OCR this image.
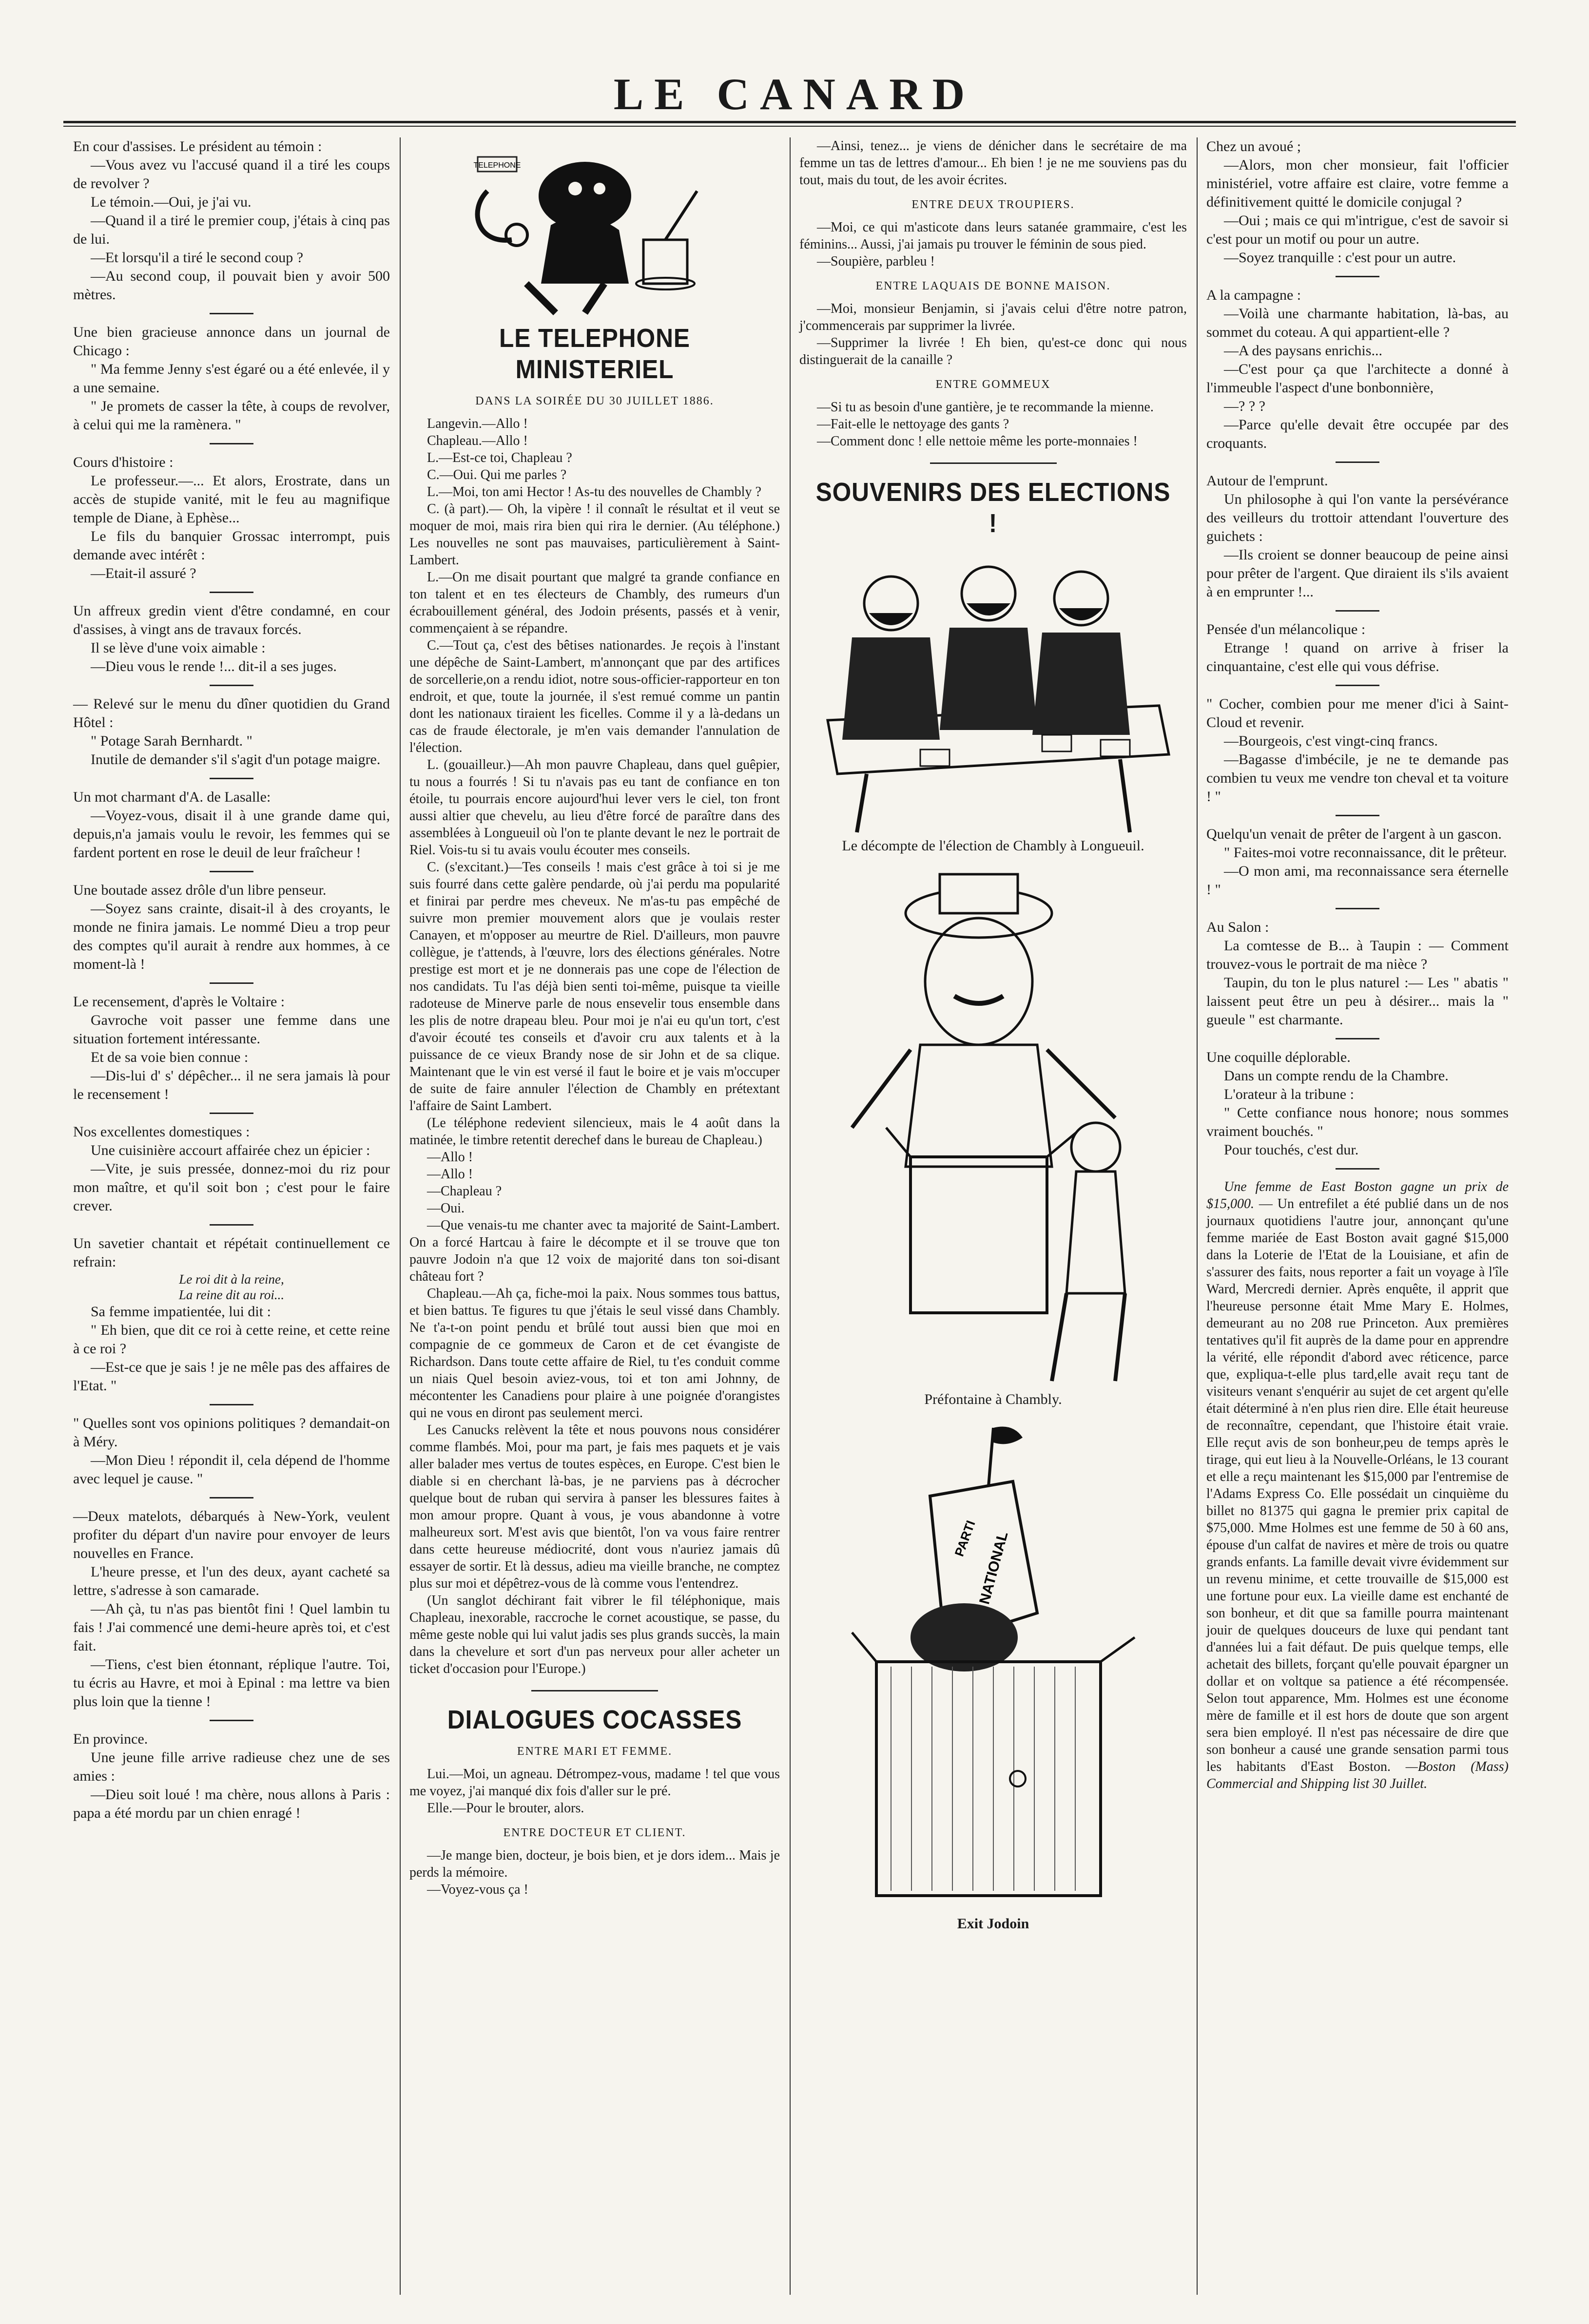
LE CANARD

En cour d'assises. Le président au témoin :

—Vous avez vu l'accusé quand il a tiré les coups de revolver ?

Le témoin.—Oui, je j'ai vu.

—Quand il a tiré le premier coup, j'étais à cinq pas de lui.

—Et lorsqu'il a tiré le second coup ?

—Au second coup, il pouvait bien y avoir 500 mètres.

Une bien gracieuse annonce dans un journal de Chicago :

" Ma femme Jenny s'est égaré ou a été enlevée, il y a une semaine.

" Je promets de casser la tête, à coups de revolver, à celui qui me la ramènera. "

Cours d'histoire :

Le professeur.—... Et alors, Erostrate, dans un accès de stupide vanité, mit le feu au magnifique temple de Diane, à Ephèse...

Le fils du banquier Grossac interrompt, puis demande avec intérêt :

—Etait-il assuré ?

Un affreux gredin vient d'être condamné, en cour d'assises, à vingt ans de travaux forcés.

Il se lève d'une voix aimable :

—Dieu vous le rende !... dit-il a ses juges.

— Relevé sur le menu du dîner quotidien du Grand Hôtel :

" Potage Sarah Bernhardt. "

Inutile de demander s'il s'agit d'un potage maigre.

Un mot charmant d'A. de Lasalle:

—Voyez-vous, disait il à une grande dame qui, depuis,n'a jamais voulu le revoir, les femmes qui se fardent portent en rose le deuil de leur fraîcheur !

Une boutade assez drôle d'un libre penseur.

—Soyez sans crainte, disait-il à des croyants, le monde ne finira jamais. Le nommé Dieu a trop peur des comptes qu'il aurait à rendre aux hommes, à ce moment-là !

Le recensement, d'après le Voltaire :

Gavroche voit passer une femme dans une situation fortement intéressante.

Et de sa voie bien connue :

—Dis-lui d' s' dépêcher... il ne sera jamais là pour le recensement !

Nos excellentes domestiques :

Une cuisinière accourt affairée chez un épicier :

—Vite, je suis pressée, donnez-moi du riz pour mon maître, et qu'il soit bon ; c'est pour le faire crever.

Un savetier chantait et répétait continuellement ce refrain:

Le roi dit à la reine,

La reine dit au roi...

Sa femme impatientée, lui dit :

" Eh bien, que dit ce roi à cette reine, et cette reine à ce roi ?

—Est-ce que je sais ! je ne mêle pas des affaires de l'Etat. "

" Quelles sont vos opinions politiques ? demandait-on à Méry.

—Mon Dieu ! répondit il, cela dépend de l'homme avec lequel je cause. "

—Deux matelots, débarqués à New-York, veulent profiter du départ d'un navire pour envoyer de leurs nouvelles en France.

L'heure presse, et l'un des deux, ayant cacheté sa lettre, s'adresse à son camarade.

—Ah çà, tu n'as pas bientôt fini ! Quel lambin tu fais ! J'ai commencé une demi-heure après toi, et c'est fait.

—Tiens, c'est bien étonnant, réplique l'autre. Toi, tu écris au Havre, et moi à Epinal : ma lettre va bien plus loin que la tienne !

En province.

Une jeune fille arrive radieuse chez une de ses amies :

—Dieu soit loué ! ma chère, nous allons à Paris : papa a été mordu par un chien enragé !

TELEPHONE
LE TELEPHONE MINISTERIEL
DANS LA SOIRÉE DU 30 JUILLET 1886.

Langevin.—Allo !

Chapleau.—Allo !

L.—Est-ce toi, Chapleau ?

C.—Oui. Qui me parles ?

L.—Moi, ton ami Hector ! As-tu des nouvelles de Chambly ?

C. (à part).— Oh, la vipère ! il connaît le résultat et il veut se moquer de moi, mais rira bien qui rira le dernier. (Au téléphone.) Les nouvelles ne sont pas mauvaises, particulièrement à Saint-Lambert.

L.—On me disait pourtant que malgré ta grande confiance en ton talent et en tes électeurs de Chambly, des rumeurs d'un écrabouillement général, des Jodoin présents, passés et à venir, commençaient à se répandre.

C.—Tout ça, c'est des bêtises nationardes. Je reçois à l'instant une dépêche de Saint-Lambert, m'annonçant que par des artifices de sorcellerie,on a rendu idiot, notre sous-officier-rapporteur en ton endroit, et que, toute la journée, il s'est remué comme un pantin dont les nationaux tiraient les ficelles. Comme il y a là-dedans un cas de fraude électorale, je m'en vais demander l'annulation de l'élection.

L. (gouailleur.)—Ah mon pauvre Chapleau, dans quel guêpier, tu nous a fourrés ! Si tu n'avais pas eu tant de confiance en ton étoile, tu pourrais encore aujourd'hui lever vers le ciel, ton front aussi altier que chevelu, au lieu d'être forcé de paraître dans des assemblées à Longueuil où l'on te plante devant le nez le portrait de Riel. Vois-tu si tu avais voulu écouter mes conseils.

C. (s'excitant.)—Tes conseils ! mais c'est grâce à toi si je me suis fourré dans cette galère pendarde, où j'ai perdu ma popularité et finirai par perdre mes cheveux. Ne m'as-tu pas empêché de suivre mon premier mouvement alors que je voulais rester Canayen, et m'opposer au meurtre de Riel. D'ailleurs, mon pauvre collègue, je t'attends, à l'œuvre, lors des élections générales. Notre prestige est mort et je ne donnerais pas une cope de l'élection de nos candidats. Tu l'as déjà bien senti toi-même, puisque ta vieille radoteuse de Minerve parle de nous ensevelir tous ensemble dans les plis de notre drapeau bleu. Pour moi je n'ai eu qu'un tort, c'est d'avoir écouté tes conseils et d'avoir cru aux talents et à la puissance de ce vieux Brandy nose de sir John et de sa clique. Maintenant que le vin est versé il faut le boire et je vais m'occuper de suite de faire annuler l'élection de Chambly en prétextant l'affaire de Saint Lambert.

(Le téléphone redevient silencieux, mais le 4 août dans la matinée, le timbre retentit derechef dans le bureau de Chapleau.)

—Allo !

—Allo !

—Chapleau ?

—Oui.

—Que venais-tu me chanter avec ta majorité de Saint-Lambert. On a forcé Hartcau à faire le décompte et il se trouve que ton pauvre Jodoin n'a que 12 voix de majorité dans ton soi-disant château fort ?

Chapleau.—Ah ça, fiche-moi la paix. Nous sommes tous battus, et bien battus. Te figures tu que j'étais le seul vissé dans Chambly. Ne t'a-t-on point pendu et brûlé tout aussi bien que moi en compagnie de ce gommeux de Caron et de cet évangiste de Richardson. Dans toute cette affaire de Riel, tu t'es conduit comme un niais Quel besoin aviez-vous, toi et ton ami Johnny, de mécontenter les Canadiens pour plaire à une poignée d'orangistes qui ne vous en diront pas seulement merci.

Les Canucks relèvent la tête et nous pouvons nous considérer comme flambés. Moi, pour ma part, je fais mes paquets et je vais aller balader mes vertus de toutes espèces, en Europe. C'est bien le diable si en cherchant là-bas, je ne parviens pas à décrocher quelque bout de ruban qui servira à panser les blessures faites à mon amour propre. Quant à vous, je vous abandonne à votre malheureux sort. M'est avis que bientôt, l'on va vous faire rentrer dans cette heureuse médiocrité, dont vous n'auriez jamais dû essayer de sortir. Et là dessus, adieu ma vieille branche, ne comptez plus sur moi et dépêtrez-vous de là comme vous l'entendrez.

(Un sanglot déchirant fait vibrer le fil téléphonique, mais Chapleau, inexorable, raccroche le cornet acoustique, se passe, du même geste noble qui lui valut jadis ses plus grands succès, la main dans la chevelure et sort d'un pas nerveux pour aller acheter un ticket d'occasion pour l'Europe.)

DIALOGUES COCASSES
ENTRE MARI ET FEMME.

Lui.—Moi, un agneau. Détrompez-vous, madame ! tel que vous me voyez, j'ai manqué dix fois d'aller sur le pré.

Elle.—Pour le brouter, alors.

ENTRE DOCTEUR ET CLIENT.

—Je mange bien, docteur, je bois bien, et je dors idem... Mais je perds la mémoire.

—Voyez-vous ça !

—Ainsi, tenez... je viens de dénicher dans le secrétaire de ma femme un tas de lettres d'amour... Eh bien ! je ne me souviens pas du tout, mais du tout, de les avoir écrites.

ENTRE DEUX TROUPIERS.

—Moi, ce qui m'asticote dans leurs satanée grammaire, c'est les féminins... Aussi, j'ai jamais pu trouver le féminin de sous pied.

—Soupière, parbleu !

ENTRE LAQUAIS DE BONNE MAISON.

—Moi, monsieur Benjamin, si j'avais celui d'être notre patron, j'commencerais par supprimer la livrée.

—Supprimer la livrée ! Eh bien, qu'est-ce donc qui nous distinguerait de la canaille ?

ENTRE GOMMEUX

—Si tu as besoin d'une gantière, je te recommande la mienne.

—Fait-elle le nettoyage des gants ?

—Comment donc ! elle nettoie même les porte-monnaies !

SOUVENIRS DES ELECTIONS !
Le décompte de l'élection de Chambly à Longueuil.
Préfontaine à Chambly.
PARTI
NATIONAL
Exit Jodoin

Chez un avoué ;

—Alors, mon cher monsieur, fait l'officier ministériel, votre affaire est claire, votre femme a définitivement quitté le domicile conjugal ?

—Oui ; mais ce qui m'intrigue, c'est de savoir si c'est pour un motif ou pour un autre.

—Soyez tranquille : c'est pour un autre.

A la campagne :

—Voilà une charmante habitation, là-bas, au sommet du coteau. A qui appartient-elle ?

—A des paysans enrichis...

—C'est pour ça que l'architecte a donné à l'immeuble l'aspect d'une bonbonnière,

—? ? ?

—Parce qu'elle devait être occupée par des croquants.

Autour de l'emprunt.

Un philosophe à qui l'on vante la persévérance des veilleurs du trottoir attendant l'ouverture des guichets :

—Ils croient se donner beaucoup de peine ainsi pour prêter de l'argent. Que diraient ils s'ils avaient à en emprunter !...

Pensée d'un mélancolique :

Etrange ! quand on arrive à friser la cinquantaine, c'est elle qui vous défrise.

" Cocher, combien pour me mener d'ici à Saint-Cloud et revenir.

—Bourgeois, c'est vingt-cinq francs.

—Bagasse d'imbécile, je ne te demande pas combien tu veux me vendre ton cheval et ta voiture ! "

Quelqu'un venait de prêter de l'argent à un gascon.

" Faites-moi votre reconnaissance, dit le prêteur.

—O mon ami, ma reconnaissance sera éternelle ! "

Au Salon :

La comtesse de B... à Taupin : — Comment trouvez-vous le portrait de ma nièce ?

Taupin, du ton le plus naturel :— Les " abatis " laissent peut être un peu à désirer... mais la " gueule " est charmante.

Une coquille déplorable.

Dans un compte rendu de la Chambre.

L'orateur à la tribune :

" Cette confiance nous honore; nous sommes vraiment bouchés. "

Pour touchés, c'est dur.

Une femme de East Boston gagne un prix de $15,000. — Un entrefilet a été publié dans un de nos journaux quotidiens l'autre jour, annonçant qu'une femme mariée de East Boston avait gagné $15,000 dans la Loterie de l'Etat de la Louisiane, et afin de s'assurer des faits, nous reporter a fait un voyage à l'île Ward, Mercredi dernier. Après enquête, il apprit que l'heureuse personne était Mme Mary E. Holmes, demeurant au no 208 rue Princeton. Aux premières tentatives qu'il fit auprès de la dame pour en apprendre la vérité, elle répondit d'abord avec réticence, parce que, expliqua-t-elle plus tard,elle avait reçu tant de visiteurs venant s'enquérir au sujet de cet argent qu'elle était déterminé à n'en plus rien dire. Elle était heureuse de reconnaître, cependant, que l'histoire était vraie. Elle reçut avis de son bonheur,peu de temps après le tirage, qui eut lieu à la Nouvelle-Orléans, le 13 courant et elle a reçu maintenant les $15,000 par l'entremise de l'Adams Express Co. Elle possédait un cinquième du billet no 81375 qui gagna le premier prix capital de $75,000. Mme Holmes est une femme de 50 à 60 ans, épouse d'un calfat de navires et mère de trois ou quatre grands enfants. La famille devait vivre évidemment sur un revenu minime, et cette trouvaille de $15,000 est une fortune pour eux. La vieille dame est enchanté de son bonheur, et dit que sa famille pourra maintenant jouir de quelques douceurs de luxe qui pendant tant d'années lui a fait défaut. De puis quelque temps, elle achetait des billets, forçant qu'elle pouvait épargner un dollar et on voltque sa patience a été récompensée. Selon tout apparence, Mm. Holmes est une économe mère de famille et il est hors de doute que son argent sera bien employé. Il n'est pas nécessaire de dire que son bonheur a causé une grande sensation parmi tous les habitants d'East Boston. —Boston (Mass) Commercial and Shipping list 30 Juillet.
